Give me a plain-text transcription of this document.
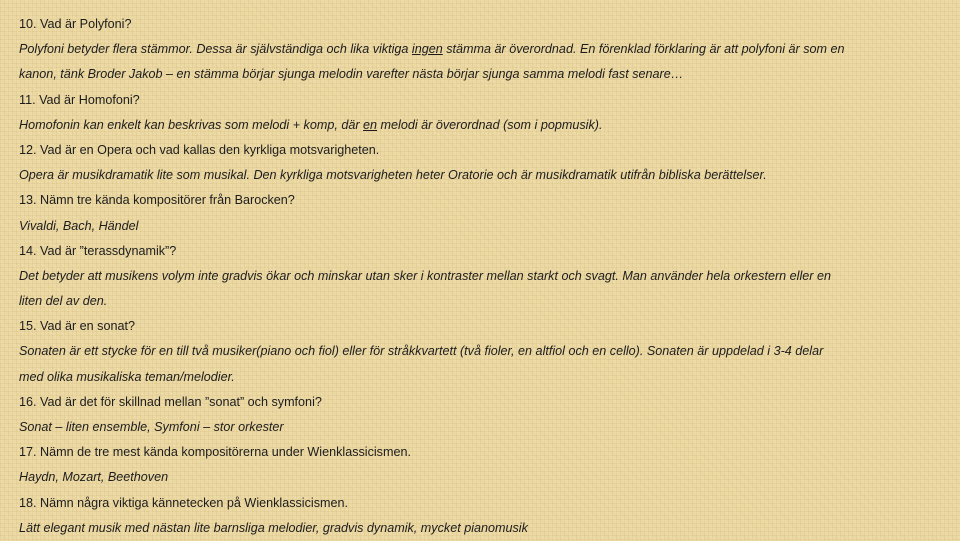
10. Vad är Polyfoni?
Polyfoni betyder flera stämmor. Dessa är självständiga och lika viktiga ingen stämma är överordnad. En förenklad förklaring är att polyfoni är som en
kanon, tänk Broder Jakob – en stämma börjar sjunga melodin varefter nästa börjar sjunga samma melodi fast senare…
11. Vad är Homofoni?
Homofonin kan enkelt kan beskrivas som melodi + komp, där en melodi är överordnad (som i popmusik).
12. Vad är en Opera och vad kallas den kyrkliga motsvarigheten.
Opera är musikdramatik lite som musikal. Den kyrkliga motsvarigheten heter Oratorie och är musikdramatik utifrån bibliska berättelser.
13. Nämn tre kända kompositörer från Barocken?
Vivaldi, Bach, Händel
14. Vad är ”terassdynamik”?
Det betyder att musikens volym inte gradvis ökar och minskar utan sker i kontraster mellan starkt och svagt. Man använder hela orkestern eller en
liten del av den.
15. Vad är en sonat?
Sonaten är ett stycke för en till två musiker(piano och fiol) eller för stråkkvartett (två fioler, en altfiol och en cello). Sonaten är uppdelad i 3-4 delar
med olika musikaliska teman/melodier.
16. Vad är det för skillnad mellan ”sonat” och symfoni?
Sonat – liten ensemble, Symfoni – stor orkester
17. Nämn de tre mest kända kompositörerna under Wienklassicismen.
Haydn, Mozart, Beethoven
18. Nämn några viktiga kännetecken på Wienklassicismen.
Lätt elegant musik med nästan lite barnsliga melodier, gradvis dynamik, mycket pianomusik
